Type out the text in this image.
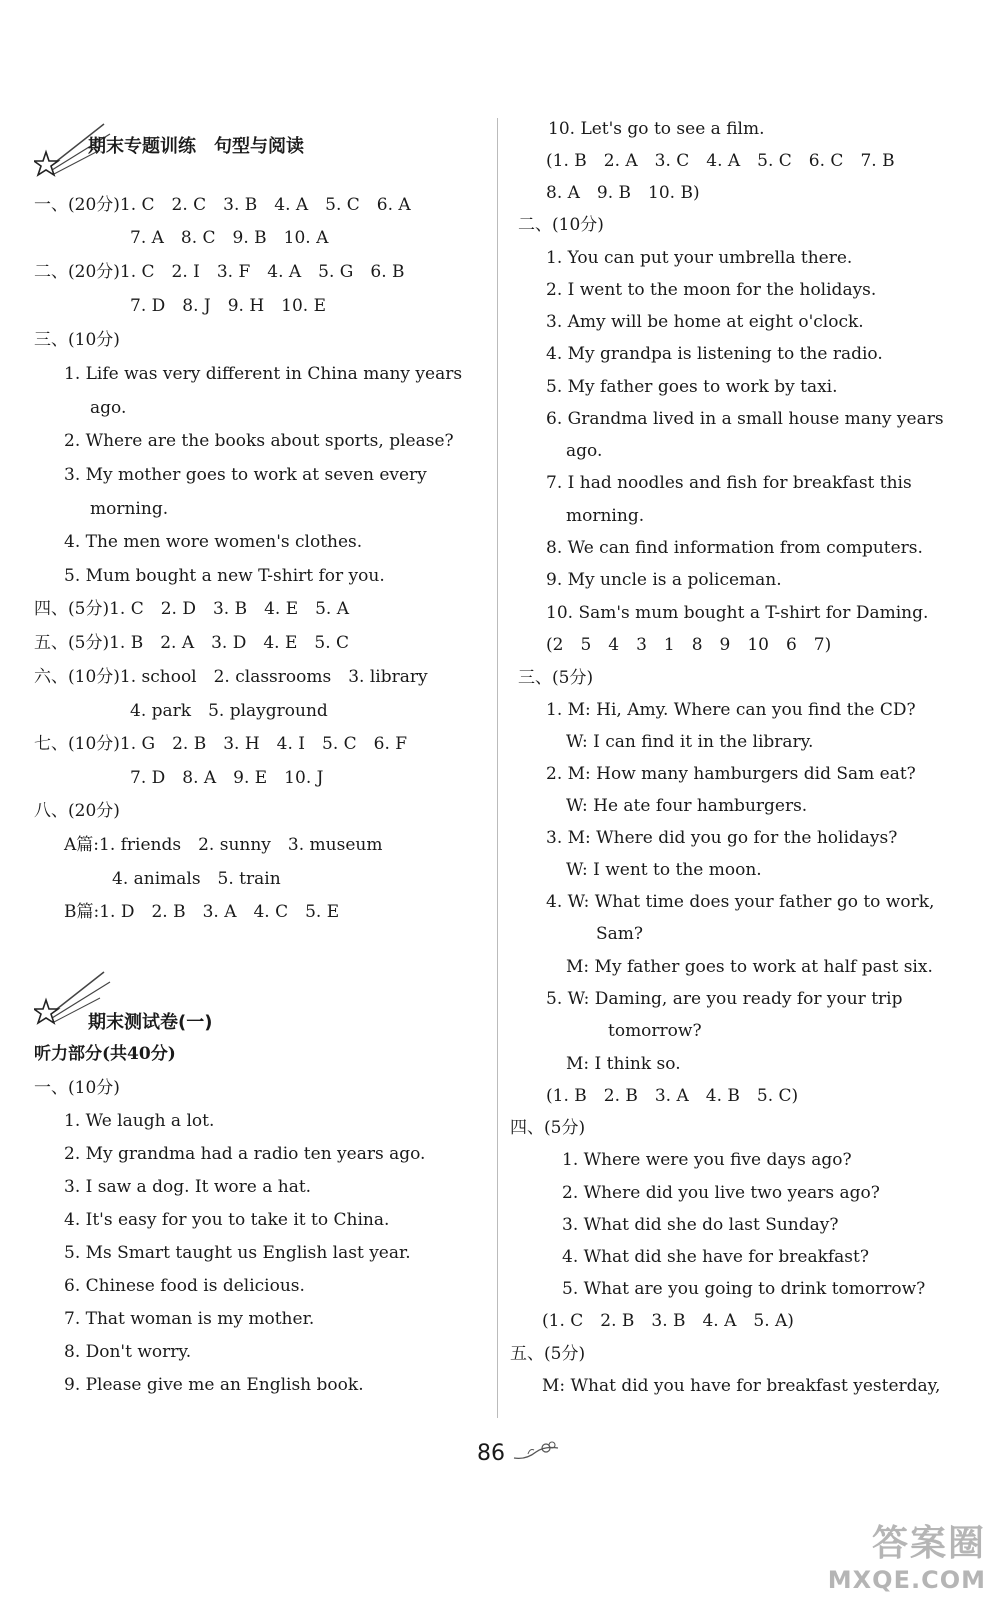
期末专题训练　句型与阅读
一、(20分)1. C　2. C　3. B　4. A　5. C　6. A
7. A　8. C　9. B　10. A
二、(20分)1. C　2. I　3. F　4. A　5. G　6. B
7. D　8. J　9. H　10. E
三、(10分)
1. Life was very different in China many years
ago.
2. Where are the books about sports, please?
3. My mother goes to work at seven every
morning.
4. The men wore women's clothes.
5. Mum bought a new T-shirt for you.
四、(5分)1. C　2. D　3. B　4. E　5. A
五、(5分)1. B　2. A　3. D　4. E　5. C
六、(10分)1. school　2. classrooms　3. library
4. park　5. playground
七、(10分)1. G　2. B　3. H　4. I　5. C　6. F
7. D　8. A　9. E　10. J
八、(20分)
A篇:1. friends　2. sunny　3. museum
4. animals　5. train
B篇:1. D　2. B　3. A　4. C　5. E
期末测试卷(一)
听力部分(共40分)
一、(10分)
1. We laugh a lot.
2. My grandma had a radio ten years ago.
3. I saw a dog. It wore a hat.
4. It's easy for you to take it to China.
5. Ms Smart taught us English last year.
6. Chinese food is delicious.
7. That woman is my mother.
8. Don't worry.
9. Please give me an English book.
10. Let's go to see a film.
(1. B　2. A　3. C　4. A　5. C　6. C　7. B
8. A　9. B　10. B)
二、(10分)
1. You can put your umbrella there.
2. I went to the moon for the holidays.
3. Amy will be home at eight o'clock.
4. My grandpa is listening to the radio.
5. My father goes to work by taxi.
6. Grandma lived in a small house many years
ago.
7. I had noodles and fish for breakfast this
morning.
8. We can find information from computers.
9. My uncle is a policeman.
10. Sam's mum bought a T-shirt for Daming.
(2　5　4　3　1　8　9　10　6　7)
三、(5分)
1. M: Hi, Amy. Where can you find the CD?
W: I can find it in the library.
2. M: How many hamburgers did Sam eat?
W: He ate four hamburgers.
3. M: Where did you go for the holidays?
W: I went to the moon.
4. W: What time does your father go to work,
Sam?
M: My father goes to work at half past six.
5. W: Daming, are you ready for your trip
tomorrow?
M: I think so.
(1. B　2. B　3. A　4. B　5. C)
四、(5分)
1. Where were you five days ago?
2. Where did you live two years ago?
3. What did she do last Sunday?
4. What did she have for breakfast?
5. What are you going to drink tomorrow?
(1. C　2. B　3. B　4. A　5. A)
五、(5分)
M: What did you have for breakfast yesterday,
86
答案圈
MXQE.COM
